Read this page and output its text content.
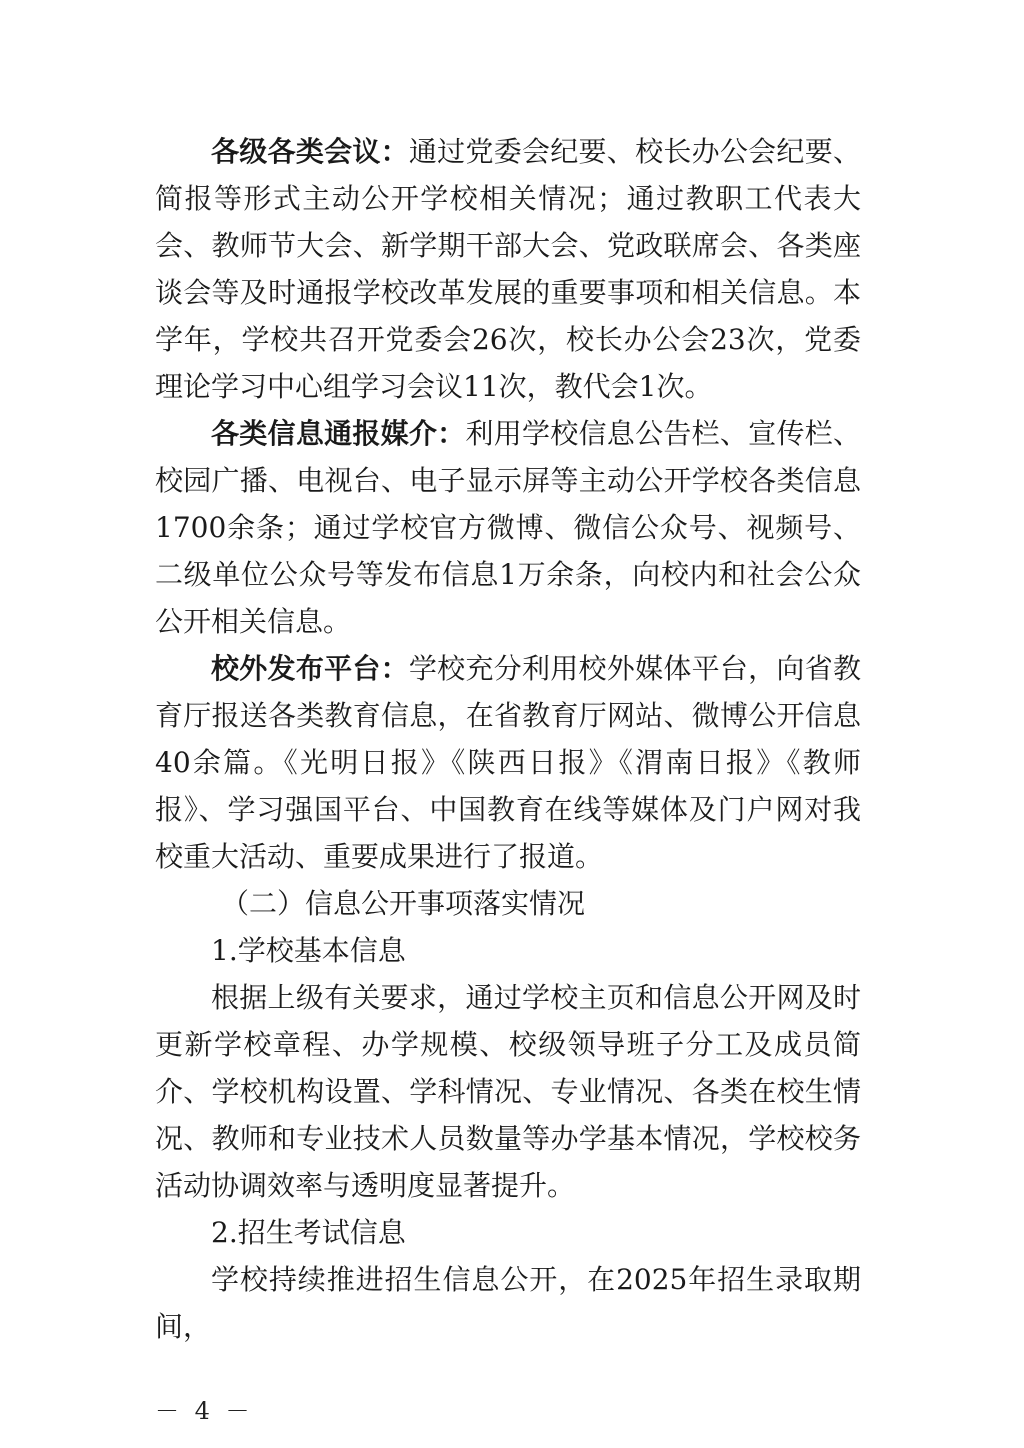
各级各类会议：通过党委会纪要、校长办公会纪要、简报等形式主动公开学校相关情况；通过教职工代表大会、教师节大会、新学期干部大会、党政联席会、各类座谈会等及时通报学校改革发展的重要事项和相关信息。本学年，学校共召开党委会26次，校长办公会23次，党委理论学习中心组学习会议11次，教代会1次。

各类信息通报媒介：利用学校信息公告栏、宣传栏、校园广播、电视台、电子显示屏等主动公开学校各类信息1700余条；通过学校官方微博、微信公众号、视频号、二级单位公众号等发布信息1万余条，向校内和社会公众公开相关信息。

校外发布平台：学校充分利用校外媒体平台，向省教育厅报送各类教育信息，在省教育厅网站、微博公开信息40余篇。《光明日报》《陕西日报》《渭南日报》《教师报》、学习强国平台、中国教育在线等媒体及门户网对我校重大活动、重要成果进行了报道。

（二）信息公开事项落实情况

1.学校基本信息

根据上级有关要求，通过学校主页和信息公开网及时更新学校章程、办学规模、校级领导班子分工及成员简介、学校机构设置、学科情况、专业情况、各类在校生情况、教师和专业技术人员数量等办学基本情况，学校校务活动协调效率与透明度显著提升。

2.招生考试信息

学校持续推进招生信息公开，在2025年招生录取期间，

－ 4 －
